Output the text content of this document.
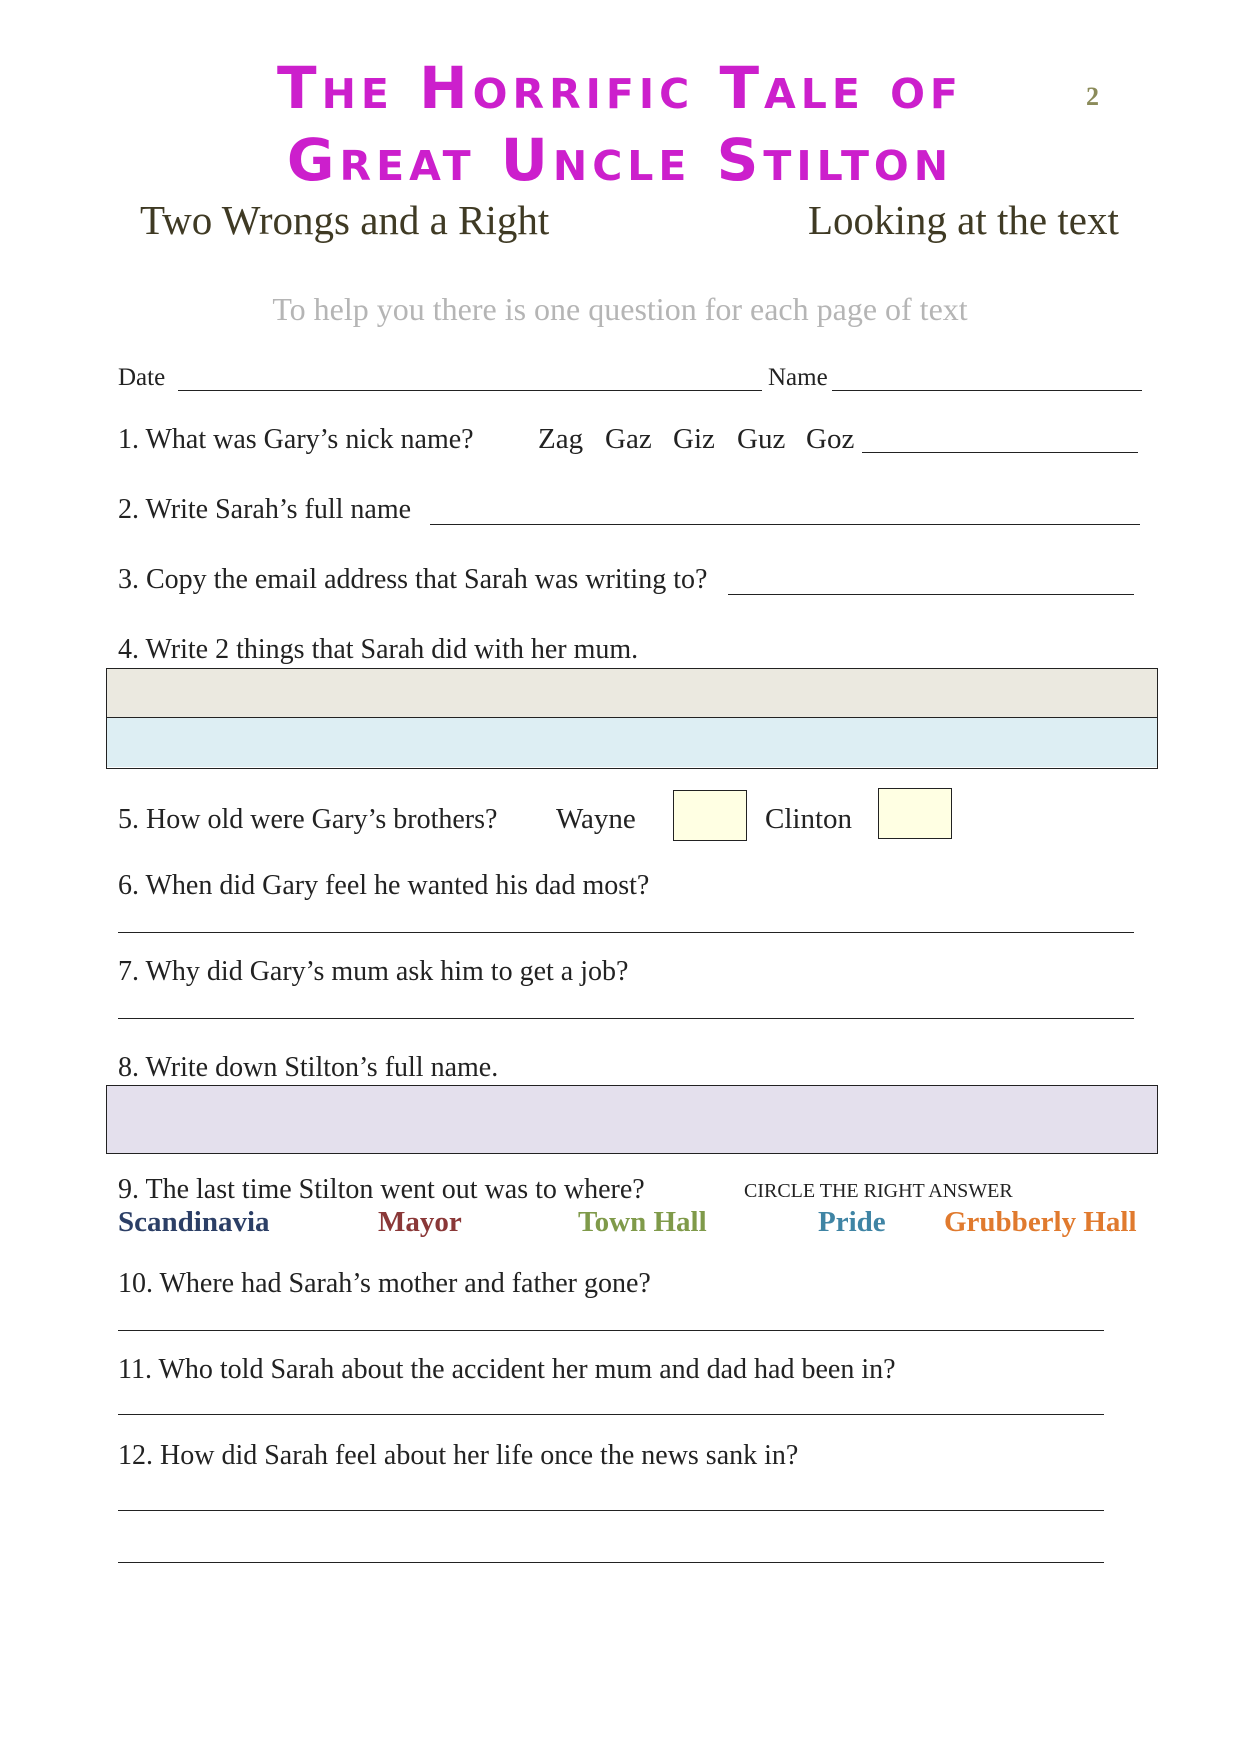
The Horrific Tale of
Great Uncle Stilton
2
Two Wrongs and a Right	Looking at the text
To help you there is one question for each page of text
Date	Name
1. What was Gary’s nick name? Zag Gaz Giz Guz Goz
2. Write Sarah’s full name
3. Copy the email address that Sarah was writing to?
4. Write 2 things that Sarah did with her mum.
5. How old were Gary’s brothers? Wayne	Clinton
6. When did Gary feel he wanted his dad most?
7. Why did Gary’s mum ask him to get a job?
8. Write down Stilton’s full name.
9. The last time Stilton went out was to where?	CIRCLE THE RIGHT ANSWER
Scandinavia	Mayor	Town Hall	Pride Grubberly Hall
10. Where had Sarah’s mother and father gone?
11. Who told Sarah about the accident her mum and dad had been in?
12. How did Sarah feel about her life once the news sank in?
